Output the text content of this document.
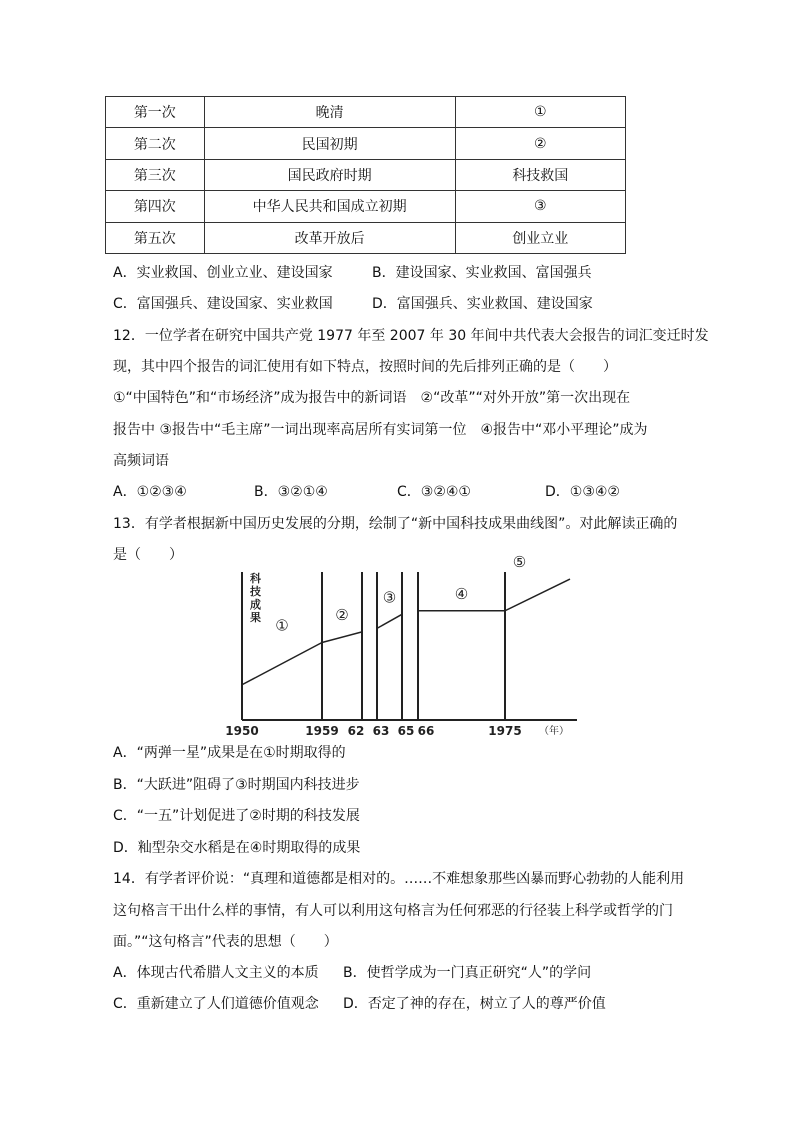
第一次	晚清	①
第二次	民国初期	②
第三次	国民政府时期	科技救国
第四次	中华人民共和国成立初期	③
第五次	改革开放后	创业立业
A．实业救国、创业立业、建设国家	B．建设国家、实业救国、富国强兵
C．富国强兵、建设国家、实业救国	D．富国强兵、实业救国、建设国家
12．一位学者在研究中国共产党 1977 年至 2007 年 30 年间中共代表大会报告的词汇变迁时发
现，其中四个报告的词汇使用有如下特点，按照时间的先后排列正确的是（　　）
①“中国特色”和“市场经济”成为报告中的新词语　②“改革”“对外开放”第一次出现在
报告中 ③报告中“毛主席”一词出现率高居所有实词第一位　④报告中“邓小平理论”成为
高频词语
A．①②③④	B．③②①④	C．③②④①	D．①③④②
13．有学者根据新中国历史发展的分期，绘制了“新中国科技成果曲线图”。对此解读正确的
是（　　）
科
技
成
果 ①
②
③	④
⑤
1950	1959 62 63 65 66	1975 （年）
A．“两弹一星”成果是在①时期取得的
B．“大跃进”阻碍了③时期国内科技进步
C．“一五”计划促进了②时期的科技发展
D．籼型杂交水稻是在④时期取得的成果
14．有学者评价说：“真理和道德都是相对的。……不难想象那些凶暴而野心勃勃的人能利用
这句格言干出什么样的事情，有人可以利用这句格言为任何邪恶的行径装上科学或哲学的门
面。”“这句格言”代表的思想（　　）
A．体现古代希腊人文主义的本质 B．使哲学成为一门真正研究“人”的学问
C．重新建立了人们道德价值观念 D．否定了神的存在，树立了人的尊严价值
